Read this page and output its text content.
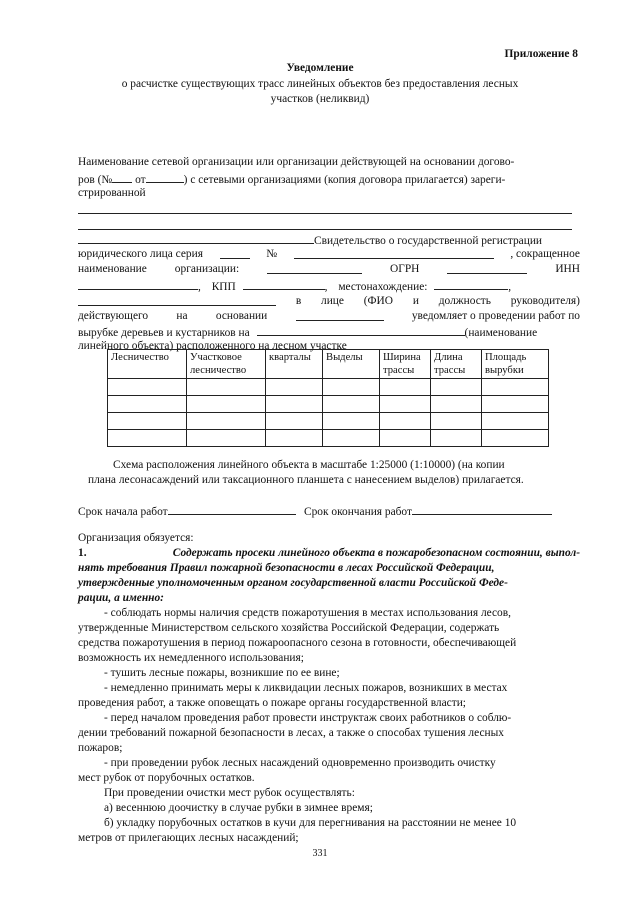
Приложение 8
Уведомление
о расчистке существующих трасс линейных объектов без предоставления лесных
участков (неликвид)
Наименование сетевой организации или организации действующей на основании догово-
ров (№ от	) с сетевыми организациями (копия договора прилагается) зареги-
стрированной
Свидетельство о государственной регистрации
юридического лица серия	№	, сокращенное
наименование организации:	ОГРН	ИНН
, КПП	, местонахождение:	,
в лице (ФИО и должность руководителя)
действующего на основании	уведомляет о проведении работ по
вырубке деревьев и кустарников на	(наименование
линейного объекта) расположенного на лесном участке
Лесничество	Участковое лесничество	кварталы	Выделы	Ширина трассы	Длина трассы	Площадь вырубки

Схема расположения линейного объекта в масштабе 1:25000 (1:10000) (на копии
плана лесонасаждений или таксационного планшета с нанесением выделов) прилагается.
Срок начала работ	Срок окончания работ
Организация обязуется:
1.	Содержать просеки линейного объекта в пожаробезопасном состоянии, выпол-
нять требования Правил пожарной безопасности в лесах Российской Федерации,
утвержденные уполномоченным органом государственной власти Российской Феде-
рации, а именно:
- соблюдать нормы наличия средств пожаротушения в местах использования лесов,
утвержденные Министерством сельского хозяйства Российской Федерации, содержать
средства пожаротушения в период пожароопасного сезона в готовности, обеспечивающей
возможность их немедленного использования;
- тушить лесные пожары, возникшие по ее вине;
- немедленно принимать меры к ликвидации лесных пожаров, возникших в местах
проведения работ, а также оповещать о пожаре органы государственной власти;
- перед началом проведения работ провести инструктаж своих работников о соблю-
дении требований пожарной безопасности в лесах, а также о способах тушения лесных
пожаров;
- при проведении рубок лесных насаждений одновременно производить очистку
мест рубок от порубочных остатков.
При проведении очистки мест рубок осуществлять:
а) весеннюю доочистку в случае рубки в зимнее время;
б) укладку порубочных остатков в кучи для перегнивания на расстоянии не менее 10
метров от прилегающих лесных насаждений;
331
